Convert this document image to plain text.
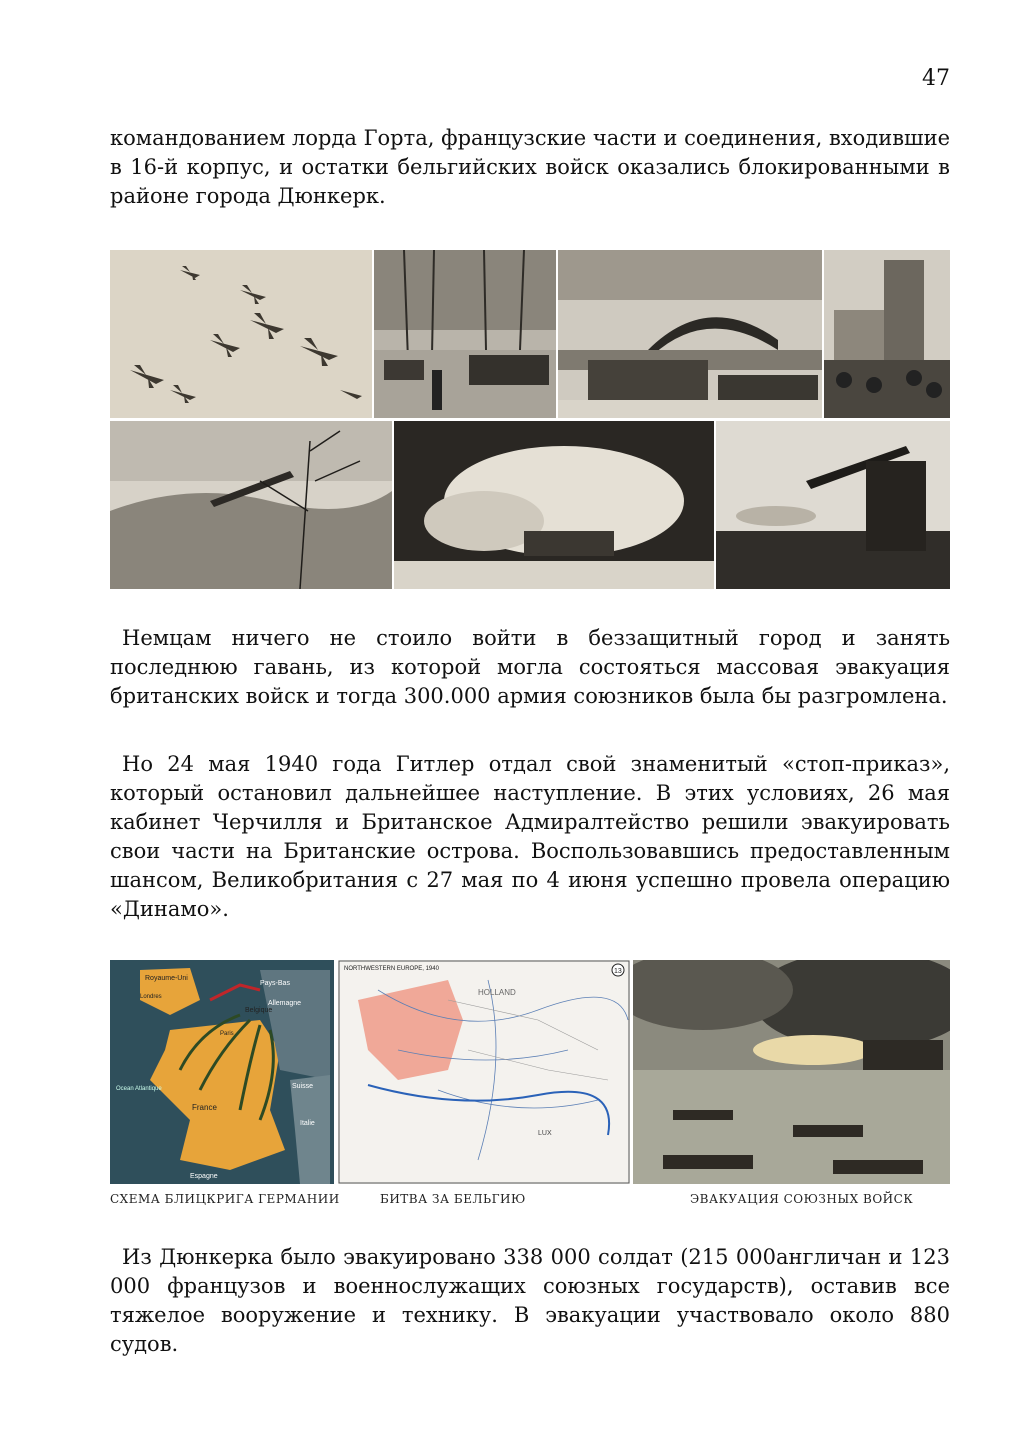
47

командованием лорда Горта, французские части и соединения, входившие в 16-й корпус, и остатки бельгийских войск оказались блокированными в районе города Дюнкерк.

Немцам ничего не стоило войти в беззащитный город и занять последнюю гавань, из которой могла состояться массовая эвакуация британских войск и тогда 300.000 армия союзников была бы разгромлена.

Но 24 мая 1940 года Гитлер отдал свой знаменитый «стоп-приказ», который остановил дальнейшее наступление. В этих условиях, 26 мая кабинет Черчилля и Британское Адмиралтейство решили эвакуировать свои части на Британские острова. Воспользовавшись предоставленным шансом, Великобритания с 27 мая по 4 июня успешно провела операцию «Динамо».

Royaume-Uni
Pays-Bas
Allemagne
Belgique
Londres
Paris
France
Suisse
Italie
Ocean Atlantique
Espagne
NORTHWESTERN EUROPE, 1940	13
HOLLAND
LUX
СХЕМА БЛИЦКРИГА ГЕРМАНИИ	БИТВА ЗА БЕЛЬГИЮ	ЭВАКУАЦИЯ СОЮЗНЫХ ВОЙСК

Из Дюнкерка было эвакуировано 338 000 солдат (215 000англичан и 123 000 французов и военнослужащих союзных государств), оставив все тяжелое вооружение и технику. В эвакуации участвовало около 880 судов.
